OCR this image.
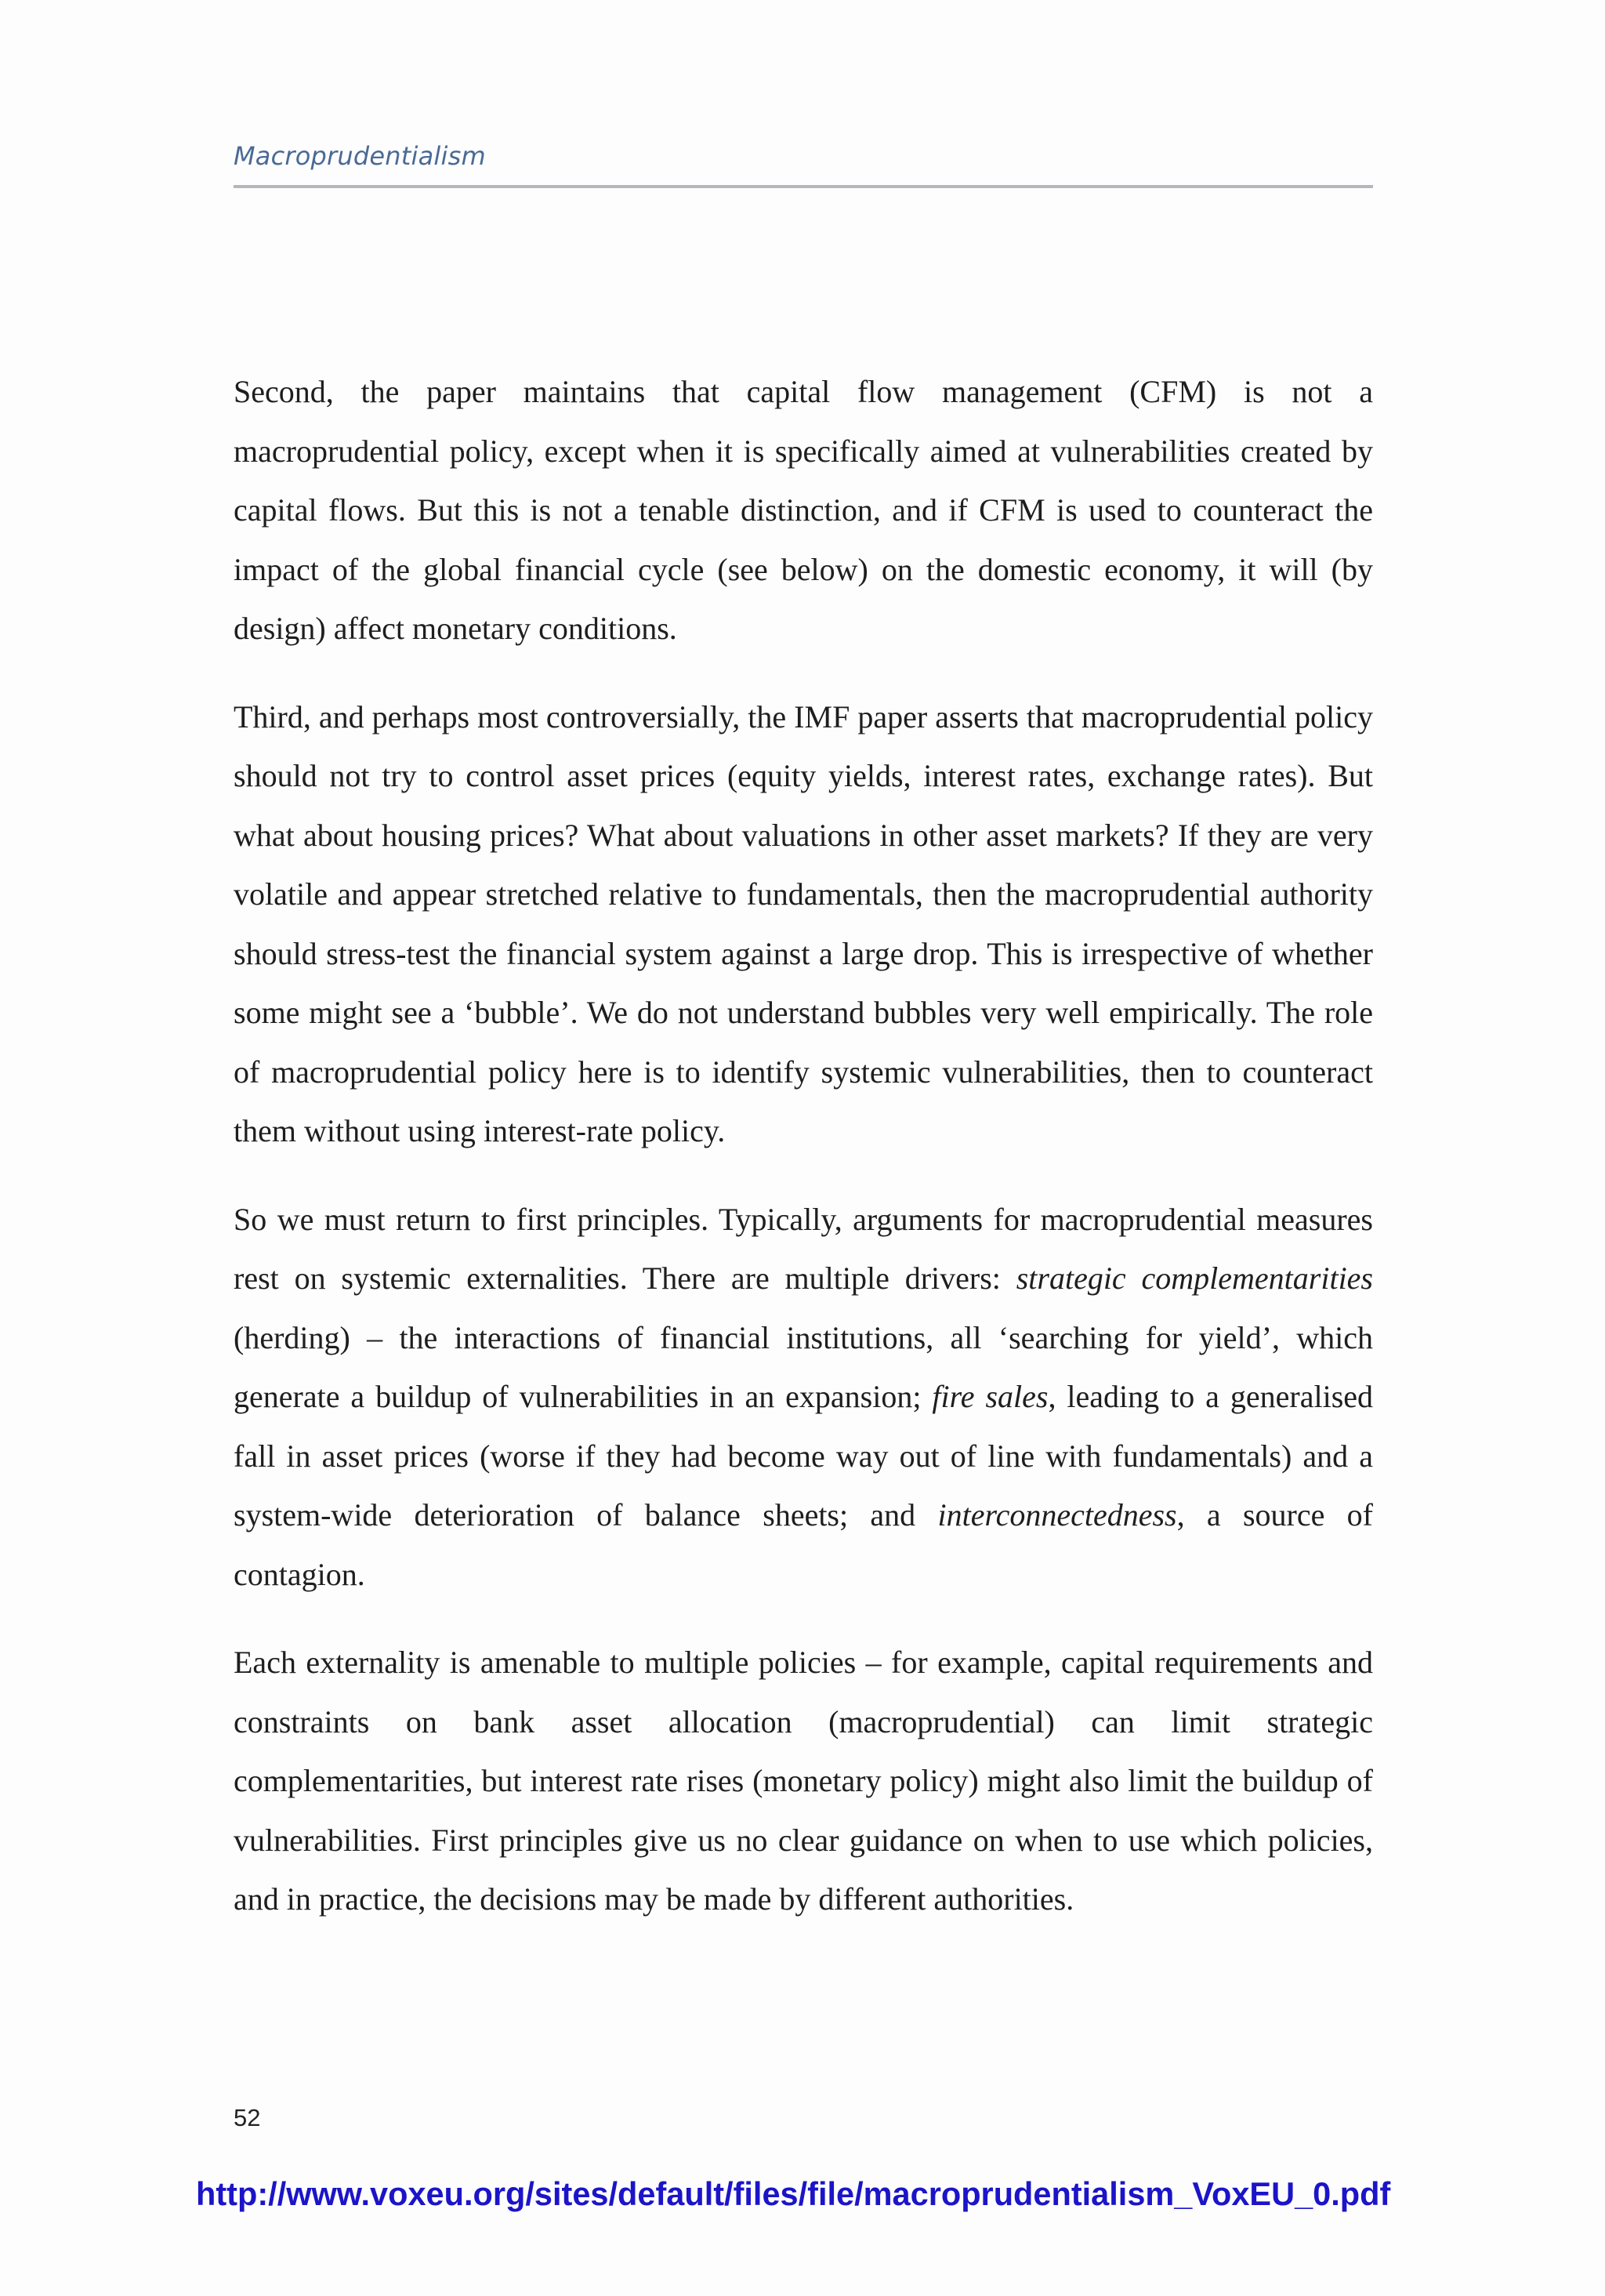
Macroprudentialism

Second, the paper maintains that capital flow management (CFM) is not a macroprudential policy, except when it is specifically aimed at vulnerabilities created by capital flows. But this is not a tenable distinction, and if CFM is used to counteract the impact of the global financial cycle (see below) on the domestic economy, it will (by design) affect monetary conditions.

Third, and perhaps most controversially, the IMF paper asserts that macroprudential policy should not try to control asset prices (equity yields, interest rates, exchange rates). But what about housing prices? What about valuations in other asset markets? If they are very volatile and appear stretched relative to fundamentals, then the macroprudential authority should stress-test the financial system against a large drop. This is irrespective of whether some might see a ‘bubble’. We do not understand bubbles very well empirically. The role of macroprudential policy here is to identify systemic vulnerabilities, then to counteract them without using interest-rate policy.

So we must return to first principles. Typically, arguments for macroprudential measures rest on systemic externalities. There are multiple drivers: strategic complementarities (herding) – the interactions of financial institutions, all ‘searching for yield’, which generate a buildup of vulnerabilities in an expansion; fire sales, leading to a generalised fall in asset prices (worse if they had become way out of line with fundamentals) and a system-wide deterioration of balance sheets; and interconnectedness, a source of contagion.

Each externality is amenable to multiple policies – for example, capital requirements and constraints on bank asset allocation (macroprudential) can limit strategic complementarities, but interest rate rises (monetary policy) might also limit the buildup of vulnerabilities. First principles give us no clear guidance on when to use which policies, and in practice, the decisions may be made by different authorities.

52
http://www.voxeu.org/sites/default/files/file/macroprudentialism_VoxEU_0.pdf
